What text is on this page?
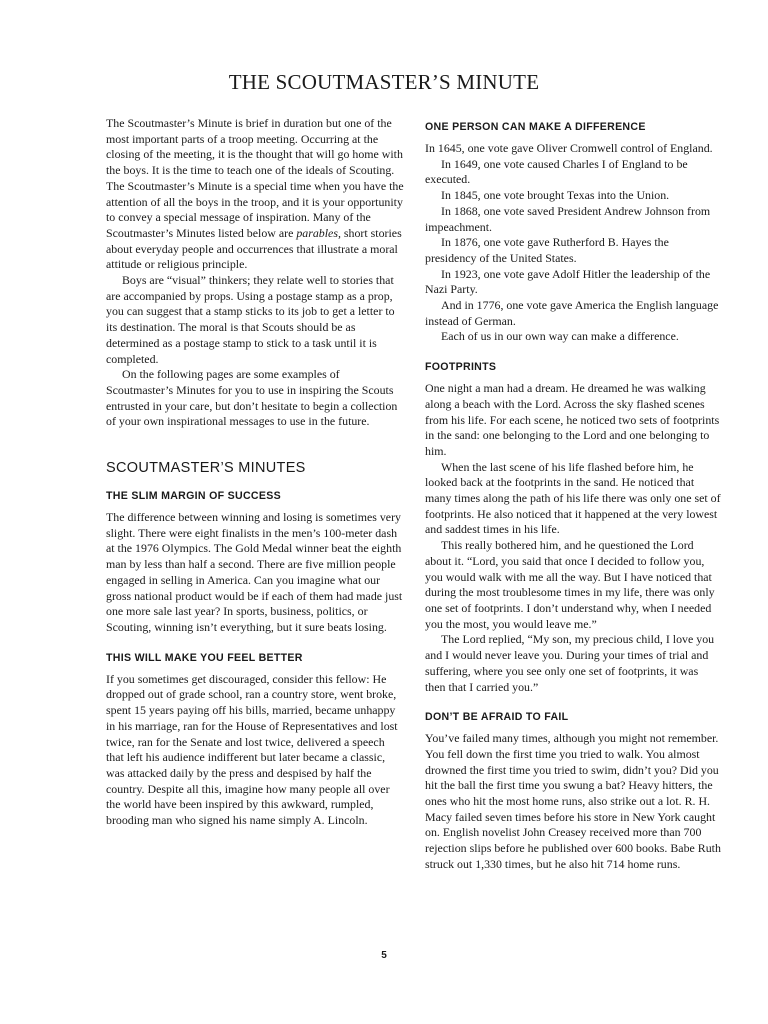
THE SCOUTMASTER’S MINUTE

The Scoutmaster’s Minute is brief in duration but one of the most important parts of a troop meeting. Occurring at the closing of the meeting, it is the thought that will go home with the boys. It is the time to teach one of the ideals of Scouting. The Scoutmaster’s Minute is a special time when you have the attention of all the boys in the troop, and it is your opportunity to convey a special message of inspiration. Many of the Scoutmaster’s Minutes listed below are parables, short stories about everyday people and occurrences that illustrate a moral attitude or religious principle.

Boys are “visual” thinkers; they relate well to stories that are accompanied by props. Using a postage stamp as a prop, you can suggest that a stamp sticks to its job to get a letter to its destination. The moral is that Scouts should be as determined as a postage stamp to stick to a task until it is completed.

On the following pages are some examples of Scoutmaster’s Minutes for you to use in inspiring the Scouts entrusted in your care, but don’t hesitate to begin a collection of your own inspirational messages to use in the future.

SCOUTMASTER’S MINUTES
THE SLIM MARGIN OF SUCCESS

The difference between winning and losing is sometimes very slight. There were eight finalists in the men’s 100-meter dash at the 1976 Olympics. The Gold Medal winner beat the eighth man by less than half a second. There are five million people engaged in selling in America. Can you imagine what our gross national product would be if each of them had made just one more sale last year? In sports, business, politics, or Scouting, winning isn’t everything, but it sure beats losing.

THIS WILL MAKE YOU FEEL BETTER

If you sometimes get discouraged, consider this fellow: He dropped out of grade school, ran a country store, went broke, spent 15 years paying off his bills, married, became unhappy in his marriage, ran for the House of Representatives and lost twice, ran for the Senate and lost twice, delivered a speech that left his audience indifferent but later became a classic, was attacked daily by the press and despised by half the country. Despite all this, imagine how many people all over the world have been inspired by this awkward, rumpled, brooding man who signed his name simply A. Lincoln.

ONE PERSON CAN MAKE A DIFFERENCE

In 1645, one vote gave Oliver Cromwell control of England.

In 1649, one vote caused Charles I of England to be executed.

In 1845, one vote brought Texas into the Union.

In 1868, one vote saved President Andrew Johnson from impeachment.

In 1876, one vote gave Rutherford B. Hayes the presidency of the United States.

In 1923, one vote gave Adolf Hitler the leadership of the Nazi Party.

And in 1776, one vote gave America the English language instead of German.

Each of us in our own way can make a difference.

FOOTPRINTS

One night a man had a dream. He dreamed he was walking along a beach with the Lord. Across the sky flashed scenes from his life. For each scene, he noticed two sets of footprints in the sand: one belonging to the Lord and one belonging to him.

When the last scene of his life flashed before him, he looked back at the footprints in the sand. He noticed that many times along the path of his life there was only one set of footprints. He also noticed that it happened at the very lowest and saddest times in his life.

This really bothered him, and he questioned the Lord about it. “Lord, you said that once I decided to follow you, you would walk with me all the way. But I have noticed that during the most troublesome times in my life, there was only one set of footprints. I don’t understand why, when I needed you the most, you would leave me.”

The Lord replied, “My son, my precious child, I love you and I would never leave you. During your times of trial and suffering, where you see only one set of footprints, it was then that I carried you.”

DON’T BE AFRAID TO FAIL

You’ve failed many times, although you might not remember. You fell down the first time you tried to walk. You almost drowned the first time you tried to swim, didn’t you? Did you hit the ball the first time you swung a bat? Heavy hitters, the ones who hit the most home runs, also strike out a lot. R. H. Macy failed seven times before his store in New York caught on. English novelist John Creasey received more than 700 rejection slips before he published over 600 books. Babe Ruth struck out 1,330 times, but he also hit 714 home runs.

5
